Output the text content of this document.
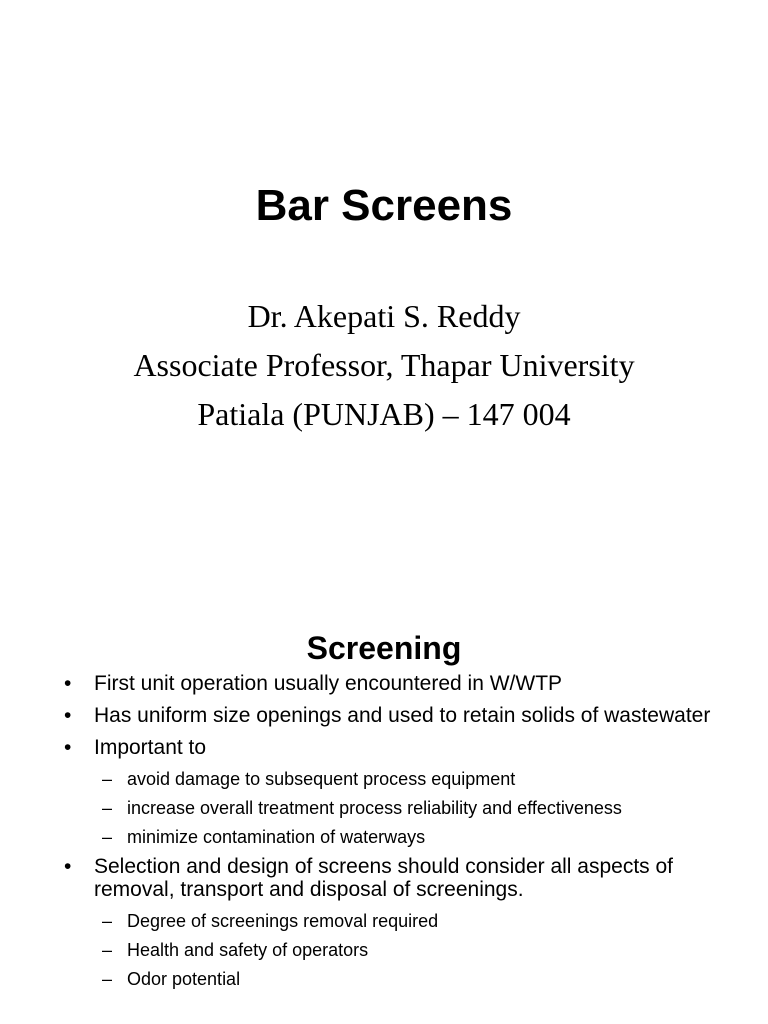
Bar Screens
Dr. Akepati S. Reddy
Associate Professor, Thapar University
Patiala (PUNJAB) – 147 004
Screening
• First unit operation usually encountered in W/WTP
• Has uniform size openings and used to retain solids of wastewater
• Important to
– avoid damage to subsequent process equipment
– increase overall treatment process reliability and effectiveness
– minimize contamination of waterways
• Selection and design of screens should consider all aspects of removal, transport and disposal of screenings.
– Degree of screenings removal required
– Health and safety of operators
– Odor potential
